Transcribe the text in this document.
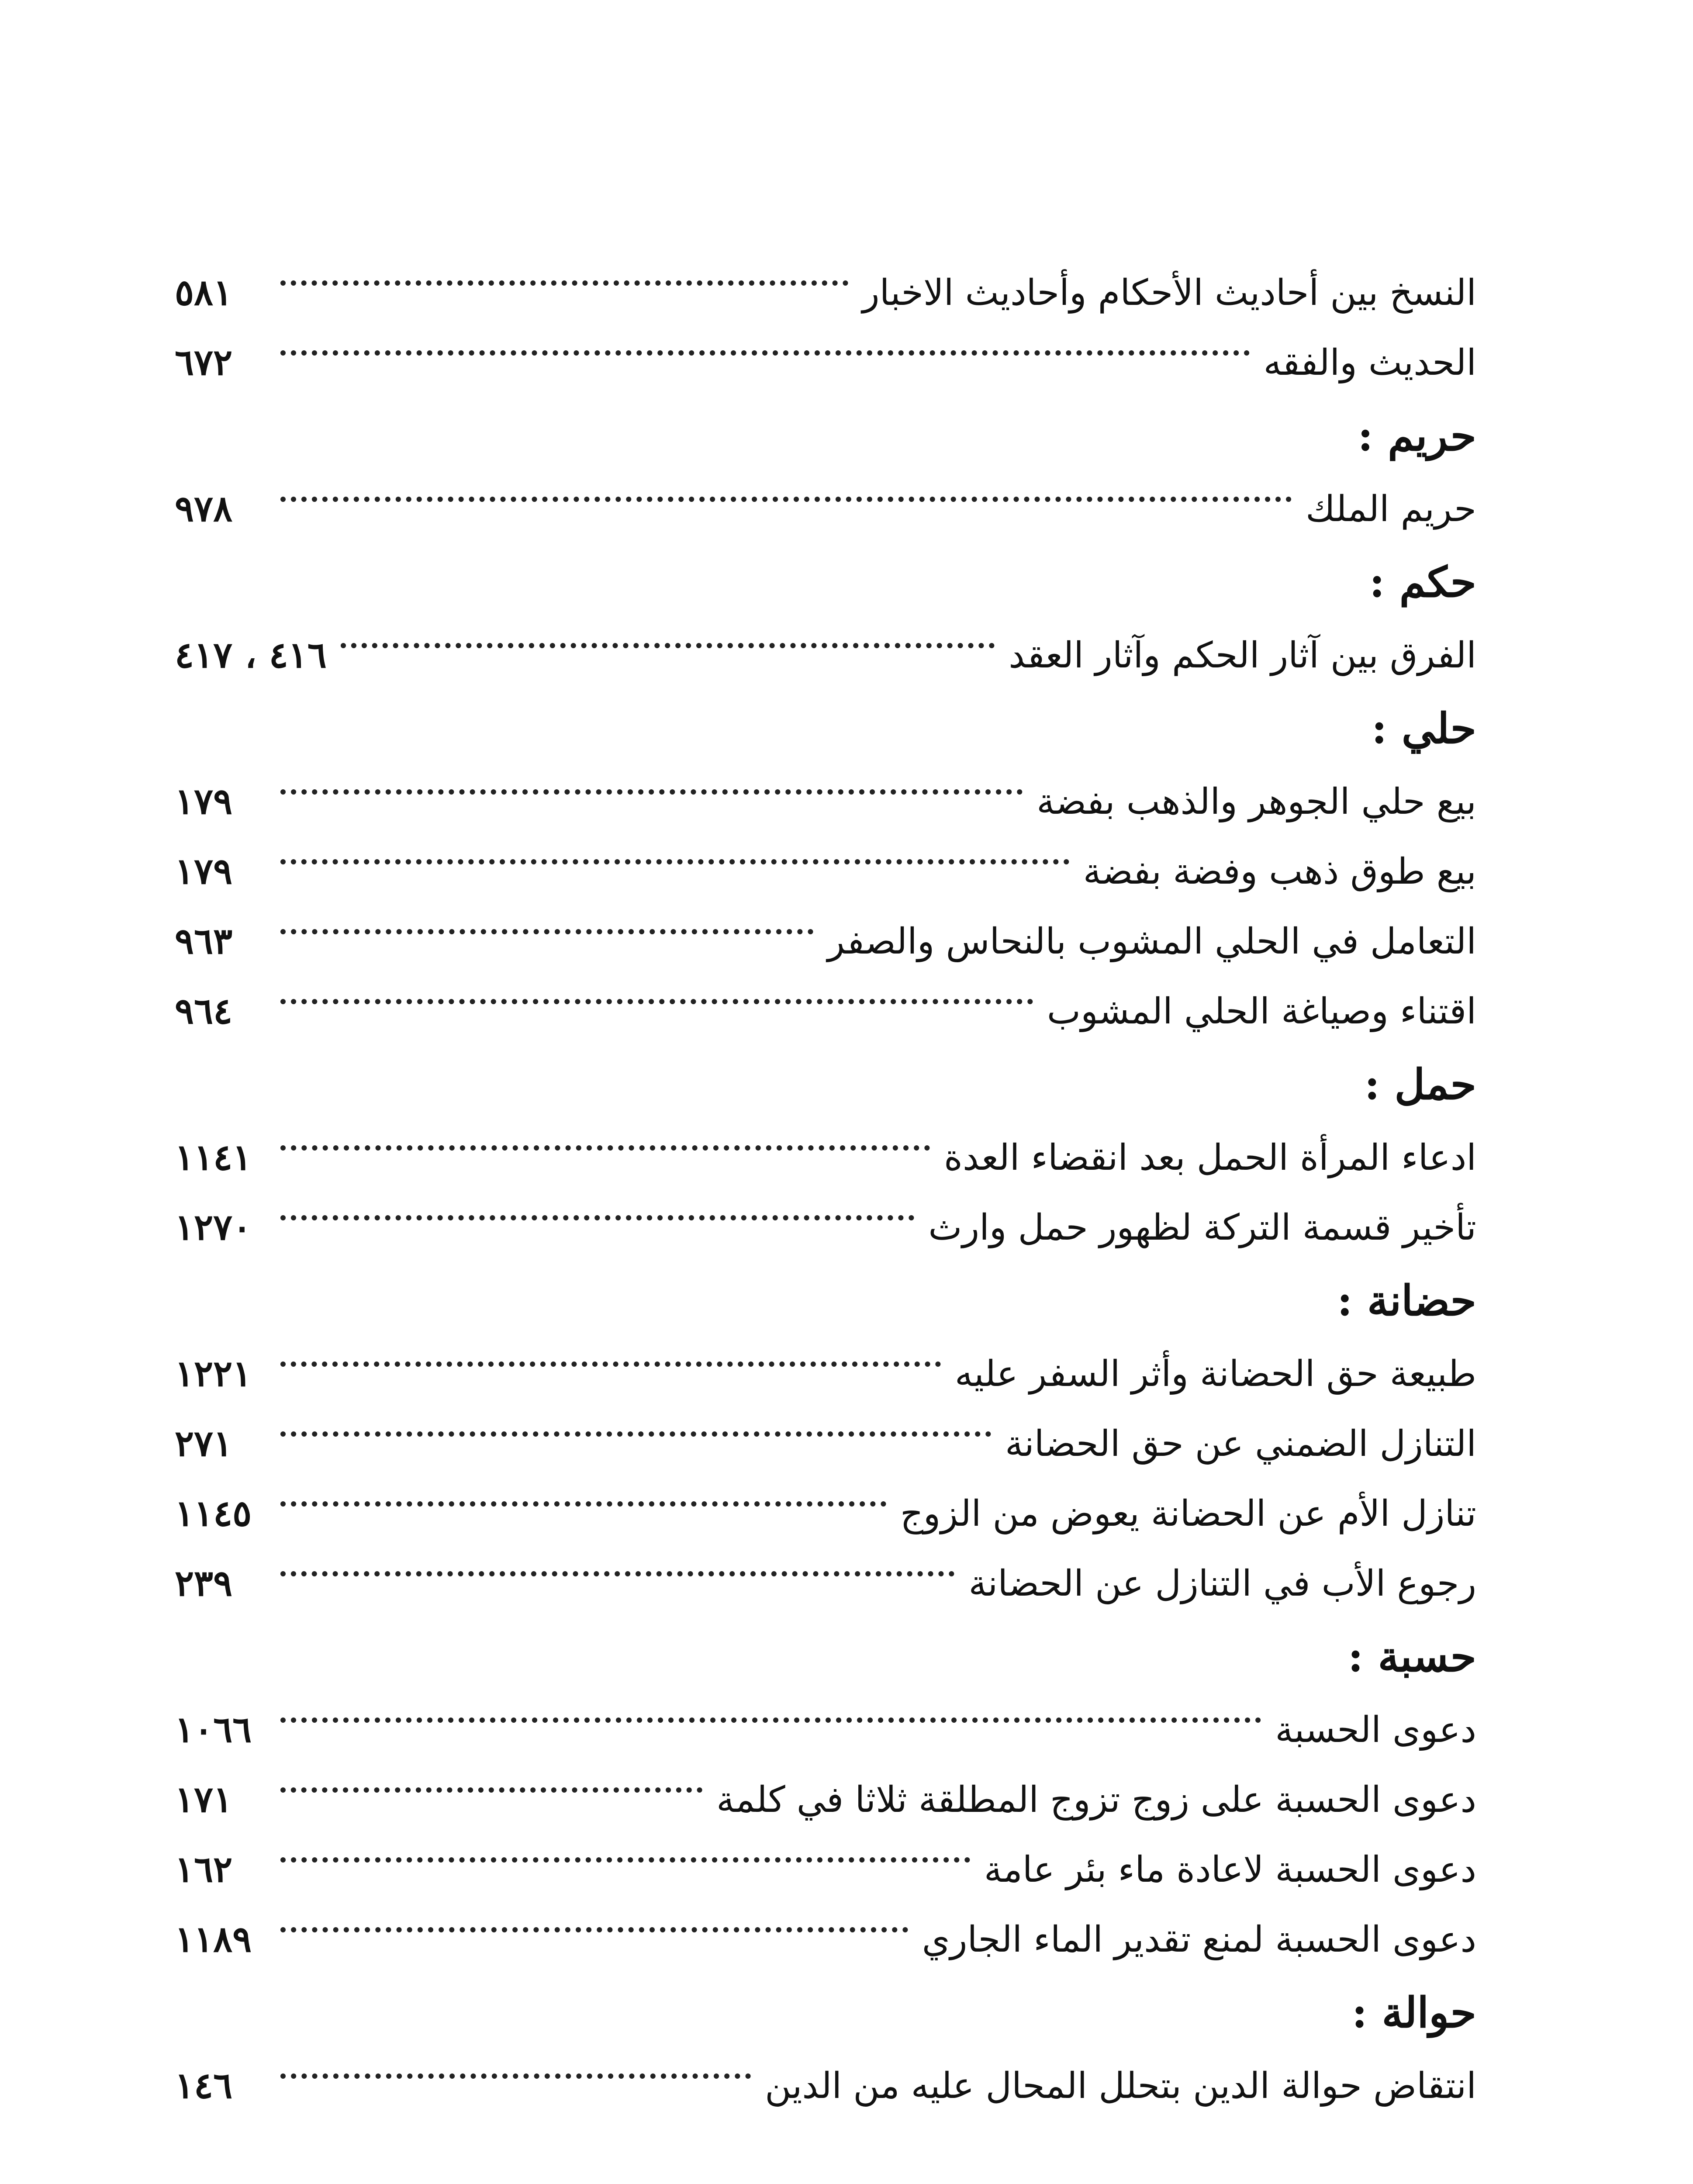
النسخ بين أحاديث الأحكام وأحاديث الاخبار
٥٨١
الحديث والفقه
٦٧٢
حريم :
حريم الملك
٩٧٨
حكم :
الفرق بين آثار الحكم وآثار العقد
٤١٦ ، ٤١٧
حلي :
بيع حلي الجوهر والذهب بفضة
١٧٩
بيع طوق ذهب وفضة بفضة
١٧٩
التعامل في الحلي المشوب بالنحاس والصفر
٩٦٣
اقتناء وصياغة الحلي المشوب
٩٦٤
حمل :
ادعاء المرأة الحمل بعد انقضاء العدة
١١٤١
تأخير قسمة التركة لظهور حمل وارث
١٢٧٠
حضانة :
طبيعة حق الحضانة وأثر السفر عليه
١٢٢١
التنازل الضمني عن حق الحضانة
٢٧١
تنازل الأم عن الحضانة يعوض من الزوج
١١٤٥
رجوع الأب في التنازل عن الحضانة
٢٣٩
حسبة :
دعوى الحسبة
١٠٦٦
دعوى الحسبة على زوج تزوج المطلقة ثلاثا في كلمة
١٧١
دعوى الحسبة لاعادة ماء بئر عامة
١٦٢
دعوى الحسبة لمنع تقدير الماء الجاري
١١٨٩
حوالة :
انتقاض حوالة الدين بتحلل المحال عليه من الدين
١٤٦
